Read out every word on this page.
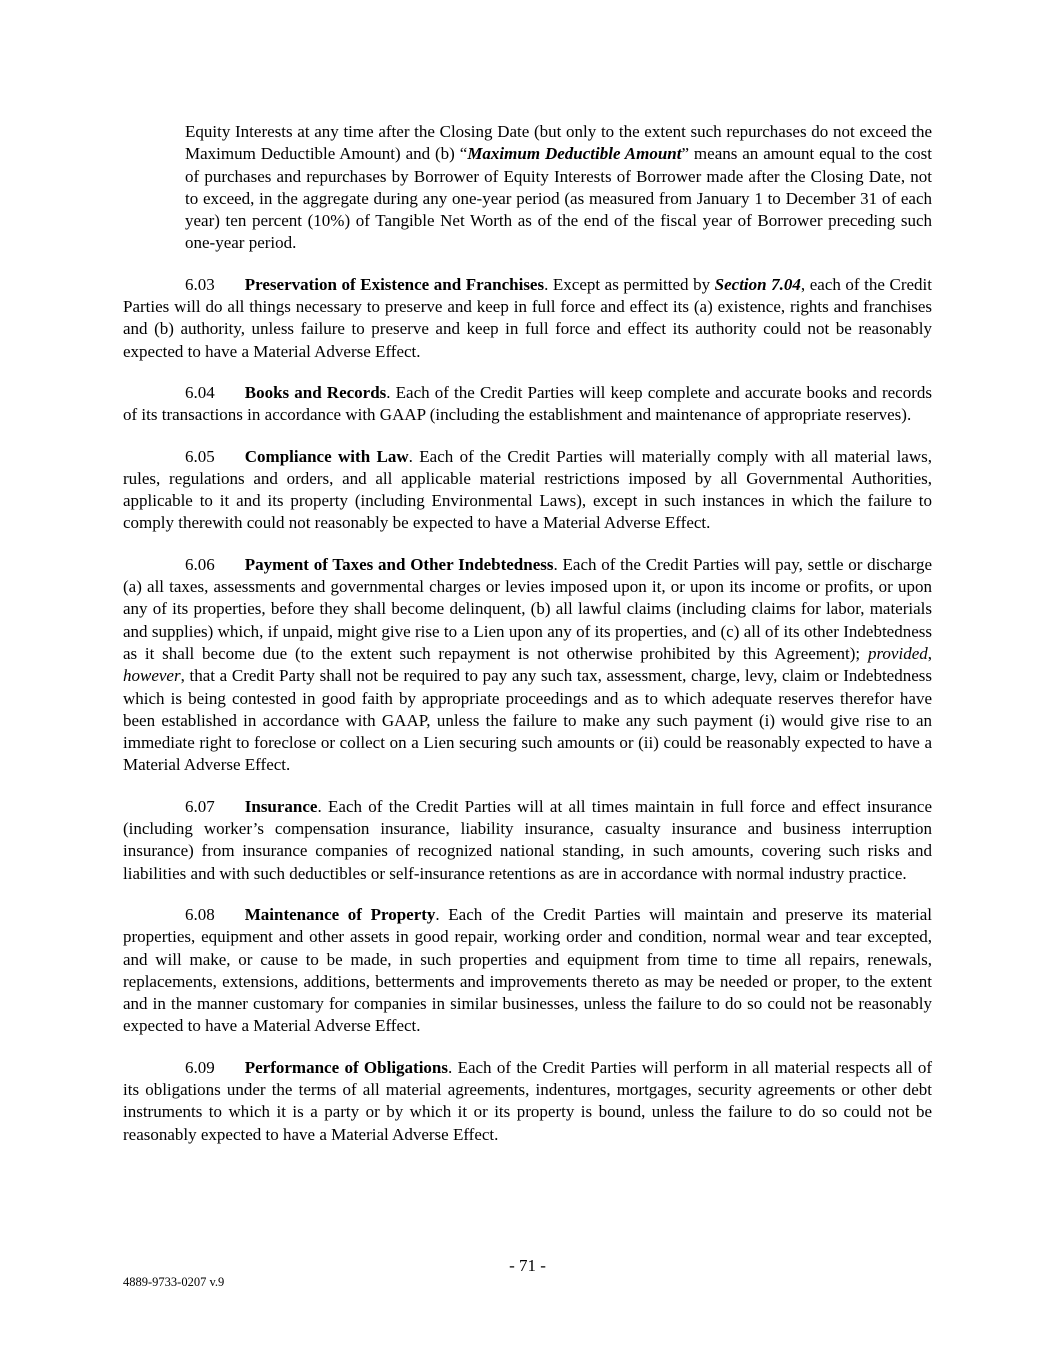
Equity Interests at any time after the Closing Date (but only to the extent such repurchases do not exceed the Maximum Deductible Amount) and (b) “Maximum Deductible Amount” means an amount equal to the cost of purchases and repurchases by Borrower of Equity Interests of Borrower made after the Closing Date, not to exceed, in the aggregate during any one-year period (as measured from January 1 to December 31 of each year) ten percent (10%) of Tangible Net Worth as of the end of the fiscal year of Borrower preceding such one-year period.

6.03 Preservation of Existence and Franchises. Except as permitted by Section 7.04, each of the Credit Parties will do all things necessary to preserve and keep in full force and effect its (a) existence, rights and franchises and (b) authority, unless failure to preserve and keep in full force and effect its authority could not be reasonably expected to have a Material Adverse Effect.

6.04 Books and Records. Each of the Credit Parties will keep complete and accurate books and records of its transactions in accordance with GAAP (including the establishment and maintenance of appropriate reserves).

6.05 Compliance with Law. Each of the Credit Parties will materially comply with all material laws, rules, regulations and orders, and all applicable material restrictions imposed by all Governmental Authorities, applicable to it and its property (including Environmental Laws), except in such instances in which the failure to comply therewith could not reasonably be expected to have a Material Adverse Effect.

6.06 Payment of Taxes and Other Indebtedness. Each of the Credit Parties will pay, settle or discharge (a) all taxes, assessments and governmental charges or levies imposed upon it, or upon its income or profits, or upon any of its properties, before they shall become delinquent, (b) all lawful claims (including claims for labor, materials and supplies) which, if unpaid, might give rise to a Lien upon any of its properties, and (c) all of its other Indebtedness as it shall become due (to the extent such repayment is not otherwise prohibited by this Agreement); provided, however, that a Credit Party shall not be required to pay any such tax, assessment, charge, levy, claim or Indebtedness which is being contested in good faith by appropriate proceedings and as to which adequate reserves therefor have been established in accordance with GAAP, unless the failure to make any such payment (i) would give rise to an immediate right to foreclose or collect on a Lien securing such amounts or (ii) could be reasonably expected to have a Material Adverse Effect.

6.07 Insurance. Each of the Credit Parties will at all times maintain in full force and effect insurance (including worker’s compensation insurance, liability insurance, casualty insurance and business interruption insurance) from insurance companies of recognized national standing, in such amounts, covering such risks and liabilities and with such deductibles or self-insurance retentions as are in accordance with normal industry practice.

6.08 Maintenance of Property. Each of the Credit Parties will maintain and preserve its material properties, equipment and other assets in good repair, working order and condition, normal wear and tear excepted, and will make, or cause to be made, in such properties and equipment from time to time all repairs, renewals, replacements, extensions, additions, betterments and improvements thereto as may be needed or proper, to the extent and in the manner customary for companies in similar businesses, unless the failure to do so could not be reasonably expected to have a Material Adverse Effect.

6.09 Performance of Obligations. Each of the Credit Parties will perform in all material respects all of its obligations under the terms of all material agreements, indentures, mortgages, security agreements or other debt instruments to which it is a party or by which it or its property is bound, unless the failure to do so could not be reasonably expected to have a Material Adverse Effect.

- 71 -
4889-9733-0207 v.9
